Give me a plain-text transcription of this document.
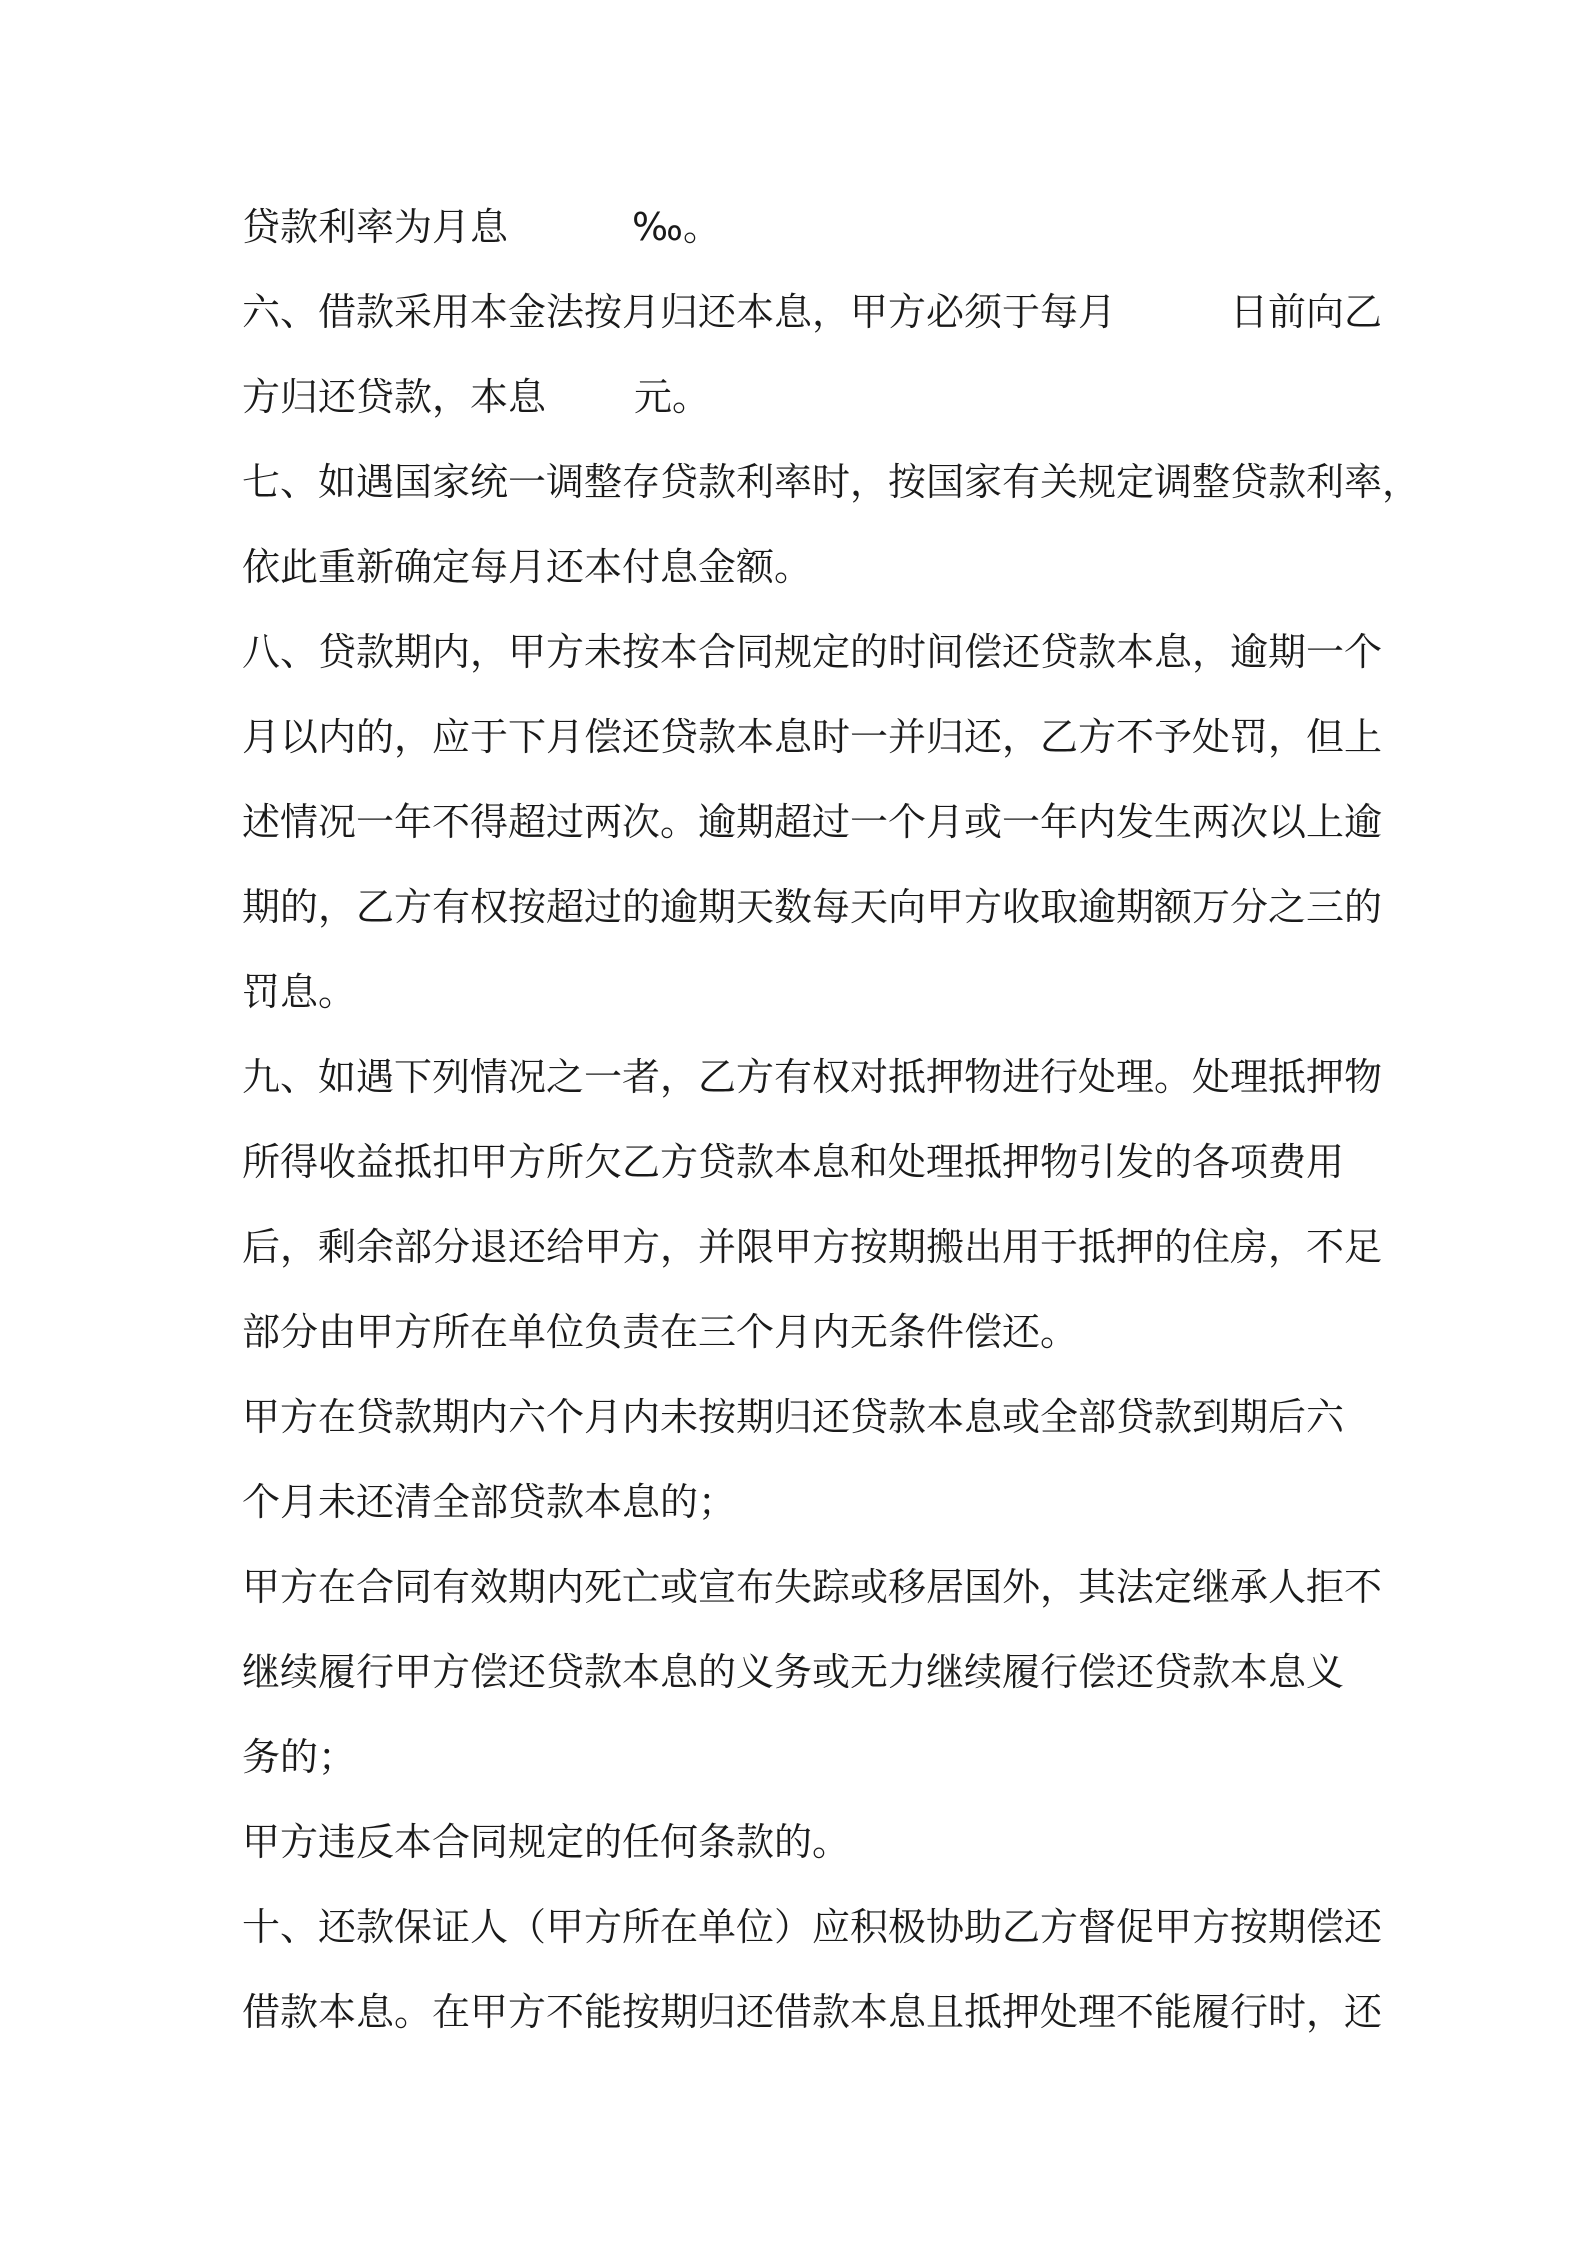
贷款利率为月息	‰。
六、借款采用本金法按月归还本息，甲方必须于每月	日前向乙
方归还贷款，本息 元。
七、如遇国家统一调整存贷款利率时，按国家有关规定调整贷款利率，
依此重新确定每月还本付息金额。
八、贷款期内，甲方未按本合同规定的时间偿还贷款本息，逾期一个
月以内的，应于下月偿还贷款本息时一并归还，乙方不予处罚，但上
述情况一年不得超过两次。逾期超过一个月或一年内发生两次以上逾
期的，乙方有权按超过的逾期天数每天向甲方收取逾期额万分之三的
罚息。
九、如遇下列情况之一者，乙方有权对抵押物进行处理。处理抵押物
所得收益抵扣甲方所欠乙方贷款本息和处理抵押物引发的各项费用
后，剩余部分退还给甲方，并限甲方按期搬出用于抵押的住房，不足
部分由甲方所在单位负责在三个月内无条件偿还。
甲方在贷款期内六个月内未按期归还贷款本息或全部贷款到期后六
个月未还清全部贷款本息的；
甲方在合同有效期内死亡或宣布失踪或移居国外，其法定继承人拒不
继续履行甲方偿还贷款本息的义务或无力继续履行偿还贷款本息义
务的；
甲方违反本合同规定的任何条款的。
十、还款保证人（甲方所在单位）应积极协助乙方督促甲方按期偿还
借款本息。在甲方不能按期归还借款本息且抵押处理不能履行时，还
